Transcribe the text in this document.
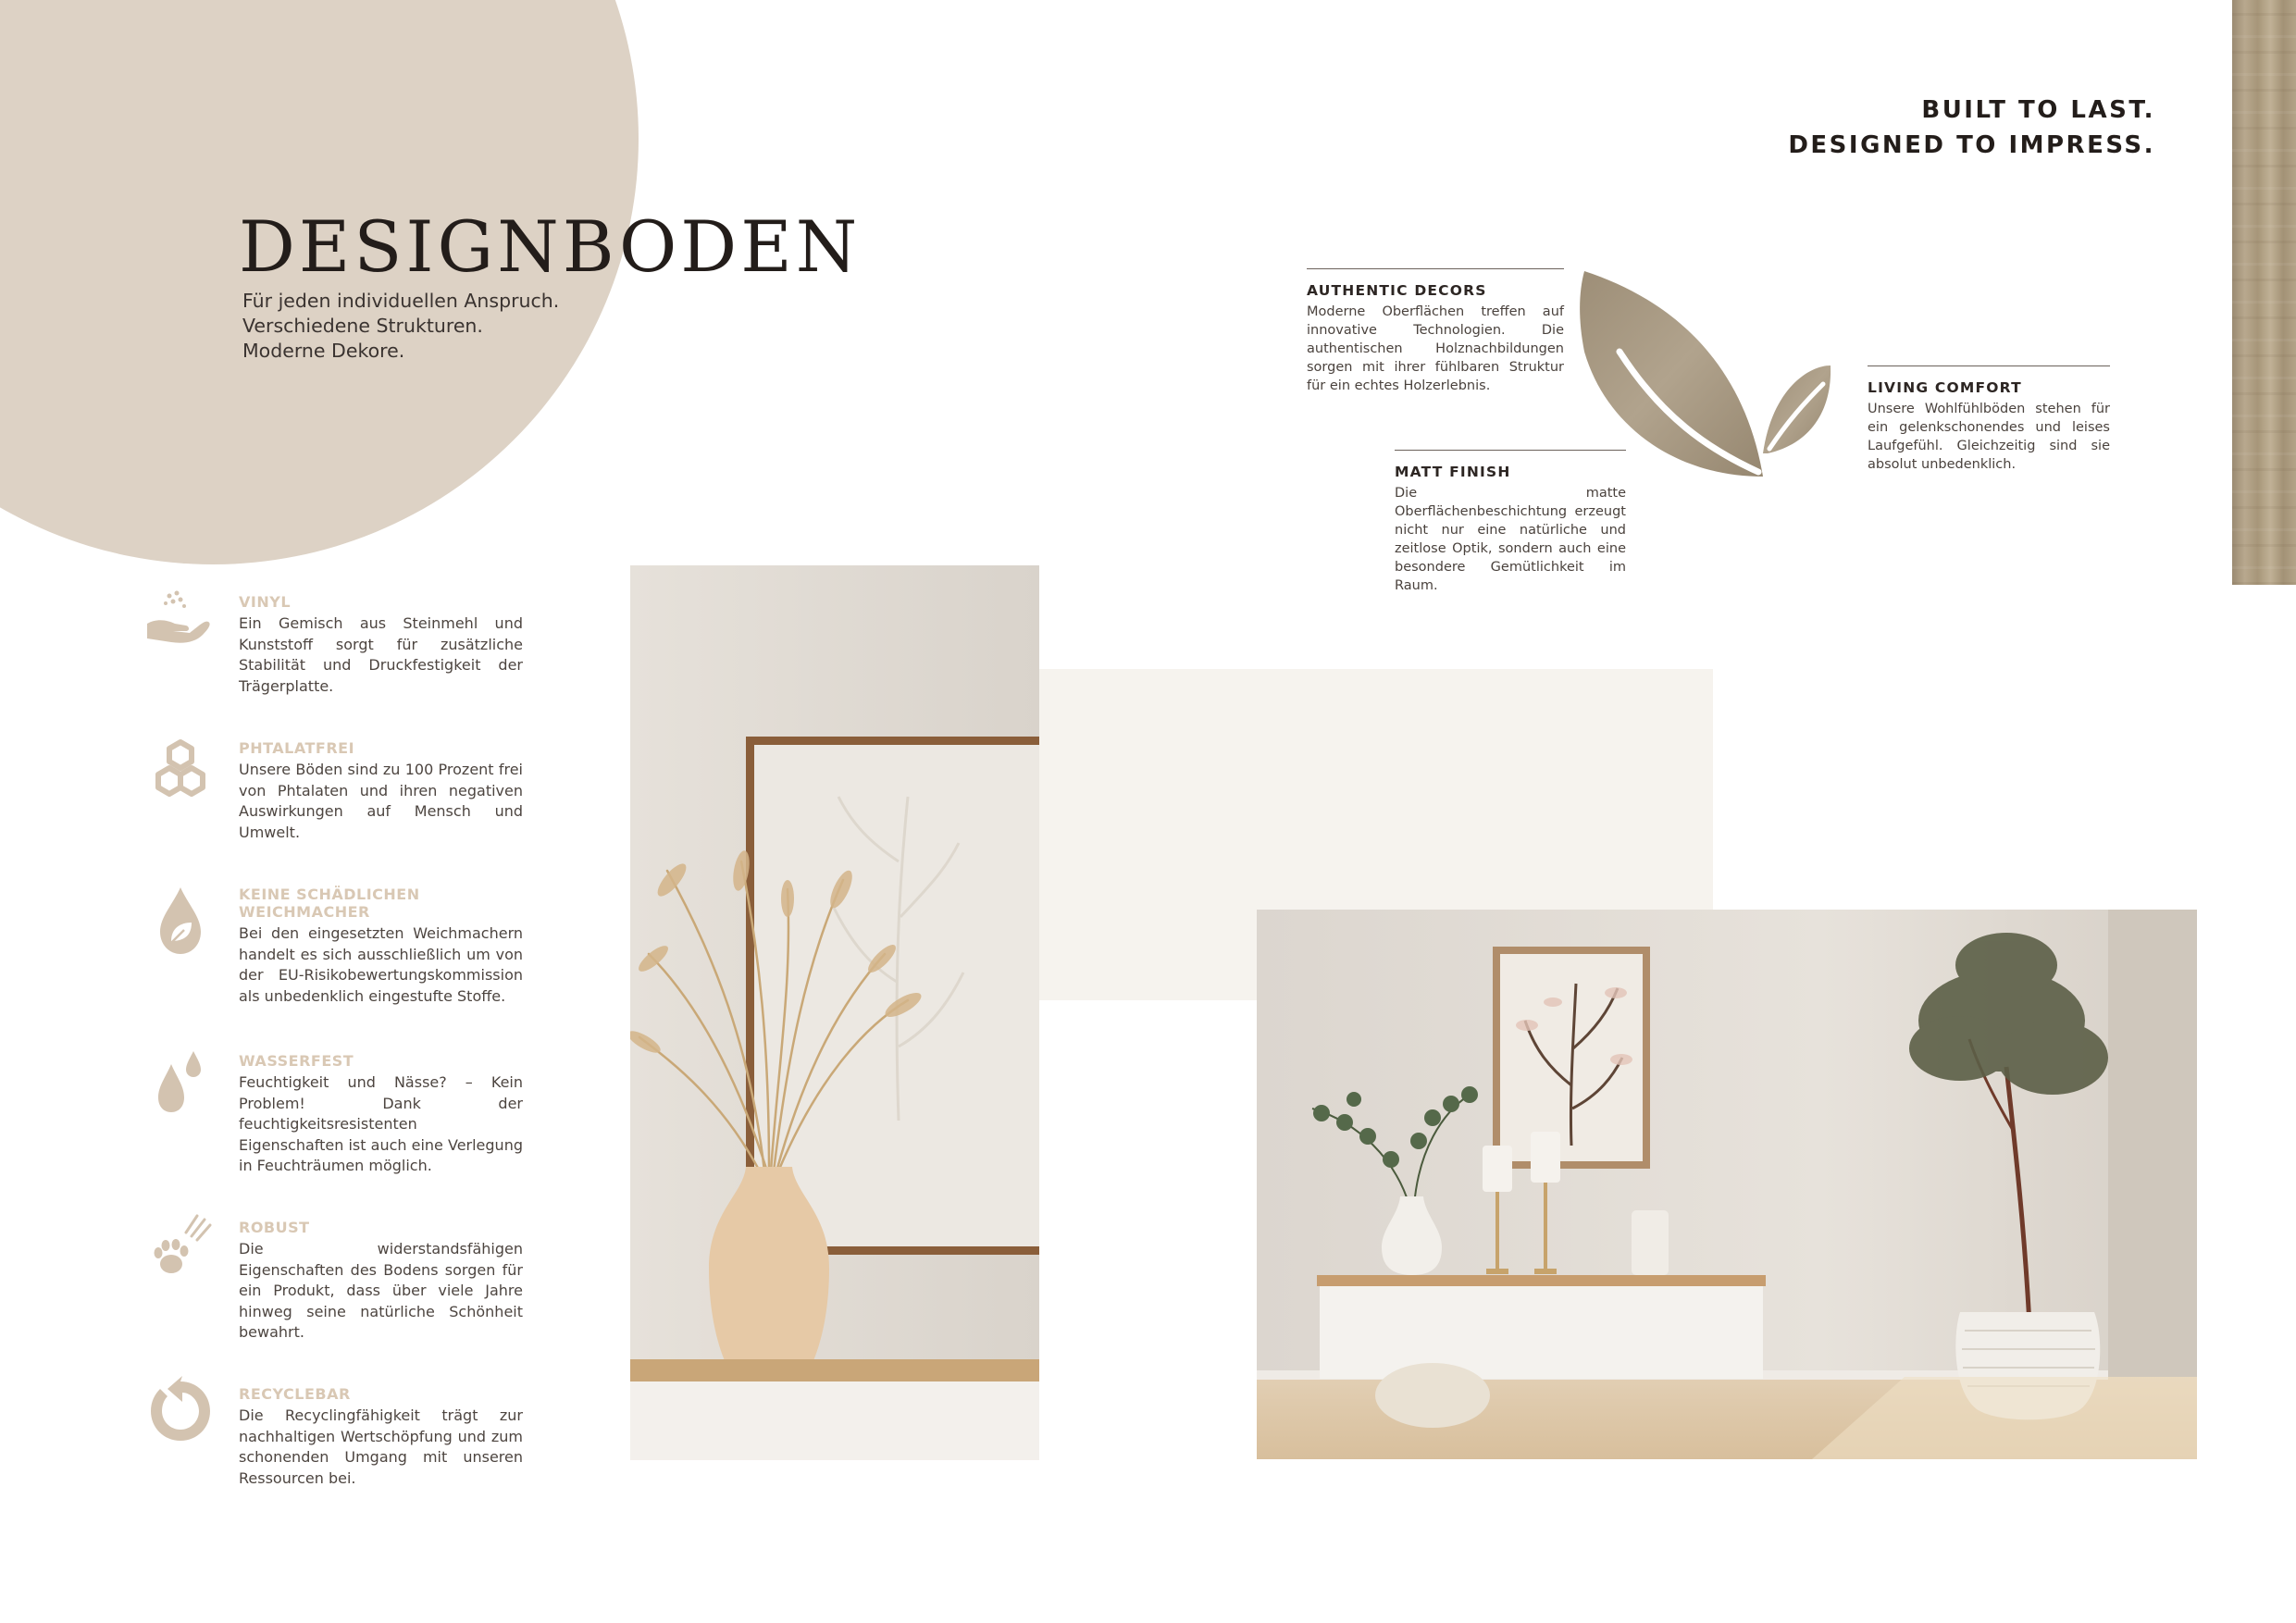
DESIGNBODEN
Für jeden individuellen Anspruch.
Verschiedene Strukturen.
Moderne Dekore.
BUILT TO LAST.
DESIGNED TO IMPRESS.
AUTHENTIC DECORS
Moderne Oberflächen treffen auf innovative Technologien. Die authentischen Holznachbildungen sorgen mit ihrer fühlbaren Struktur für ein echtes Holzerlebnis.
MATT FINISH
Die matte Oberflächenbeschichtung erzeugt nicht nur eine natürliche und zeitlose Optik, sondern auch eine besondere Gemütlichkeit im Raum.
LIVING COMFORT
Unsere Wohlfühlböden stehen für ein gelenkschonendes und leises Laufgefühl. Gleichzeitig sind sie absolut unbedenklich.
VINYL
Ein Gemisch aus Steinmehl und Kunststoff sorgt für zusätzliche Stabilität und Druckfestigkeit der Trägerplatte.
PHTALATFREI
Unsere Böden sind zu 100 Prozent frei von Phtalaten und ihren negativen Auswirkungen auf Mensch und Umwelt.
KEINE SCHÄDLICHEN WEICHMACHER
Bei den eingesetzten Weichmachern handelt es sich ausschließlich um von der EU-Risikobewertungskommission als unbedenklich eingestufte Stoffe.
WASSERFEST
Feuchtigkeit und Nässe? – Kein Problem! Dank der feuchtigkeitsresistenten Eigenschaften ist auch eine Verlegung in Feuchträumen möglich.
ROBUST
Die widerstandsfähigen Eigenschaften des Bodens sorgen für ein Produkt, dass über viele Jahre hinweg seine natürliche Schönheit bewahrt.
RECYCLEBAR
Die Recyclingfähigkeit trägt zur nachhaltigen Wertschöpfung und zum schonenden Umgang mit unseren Ressourcen bei.
